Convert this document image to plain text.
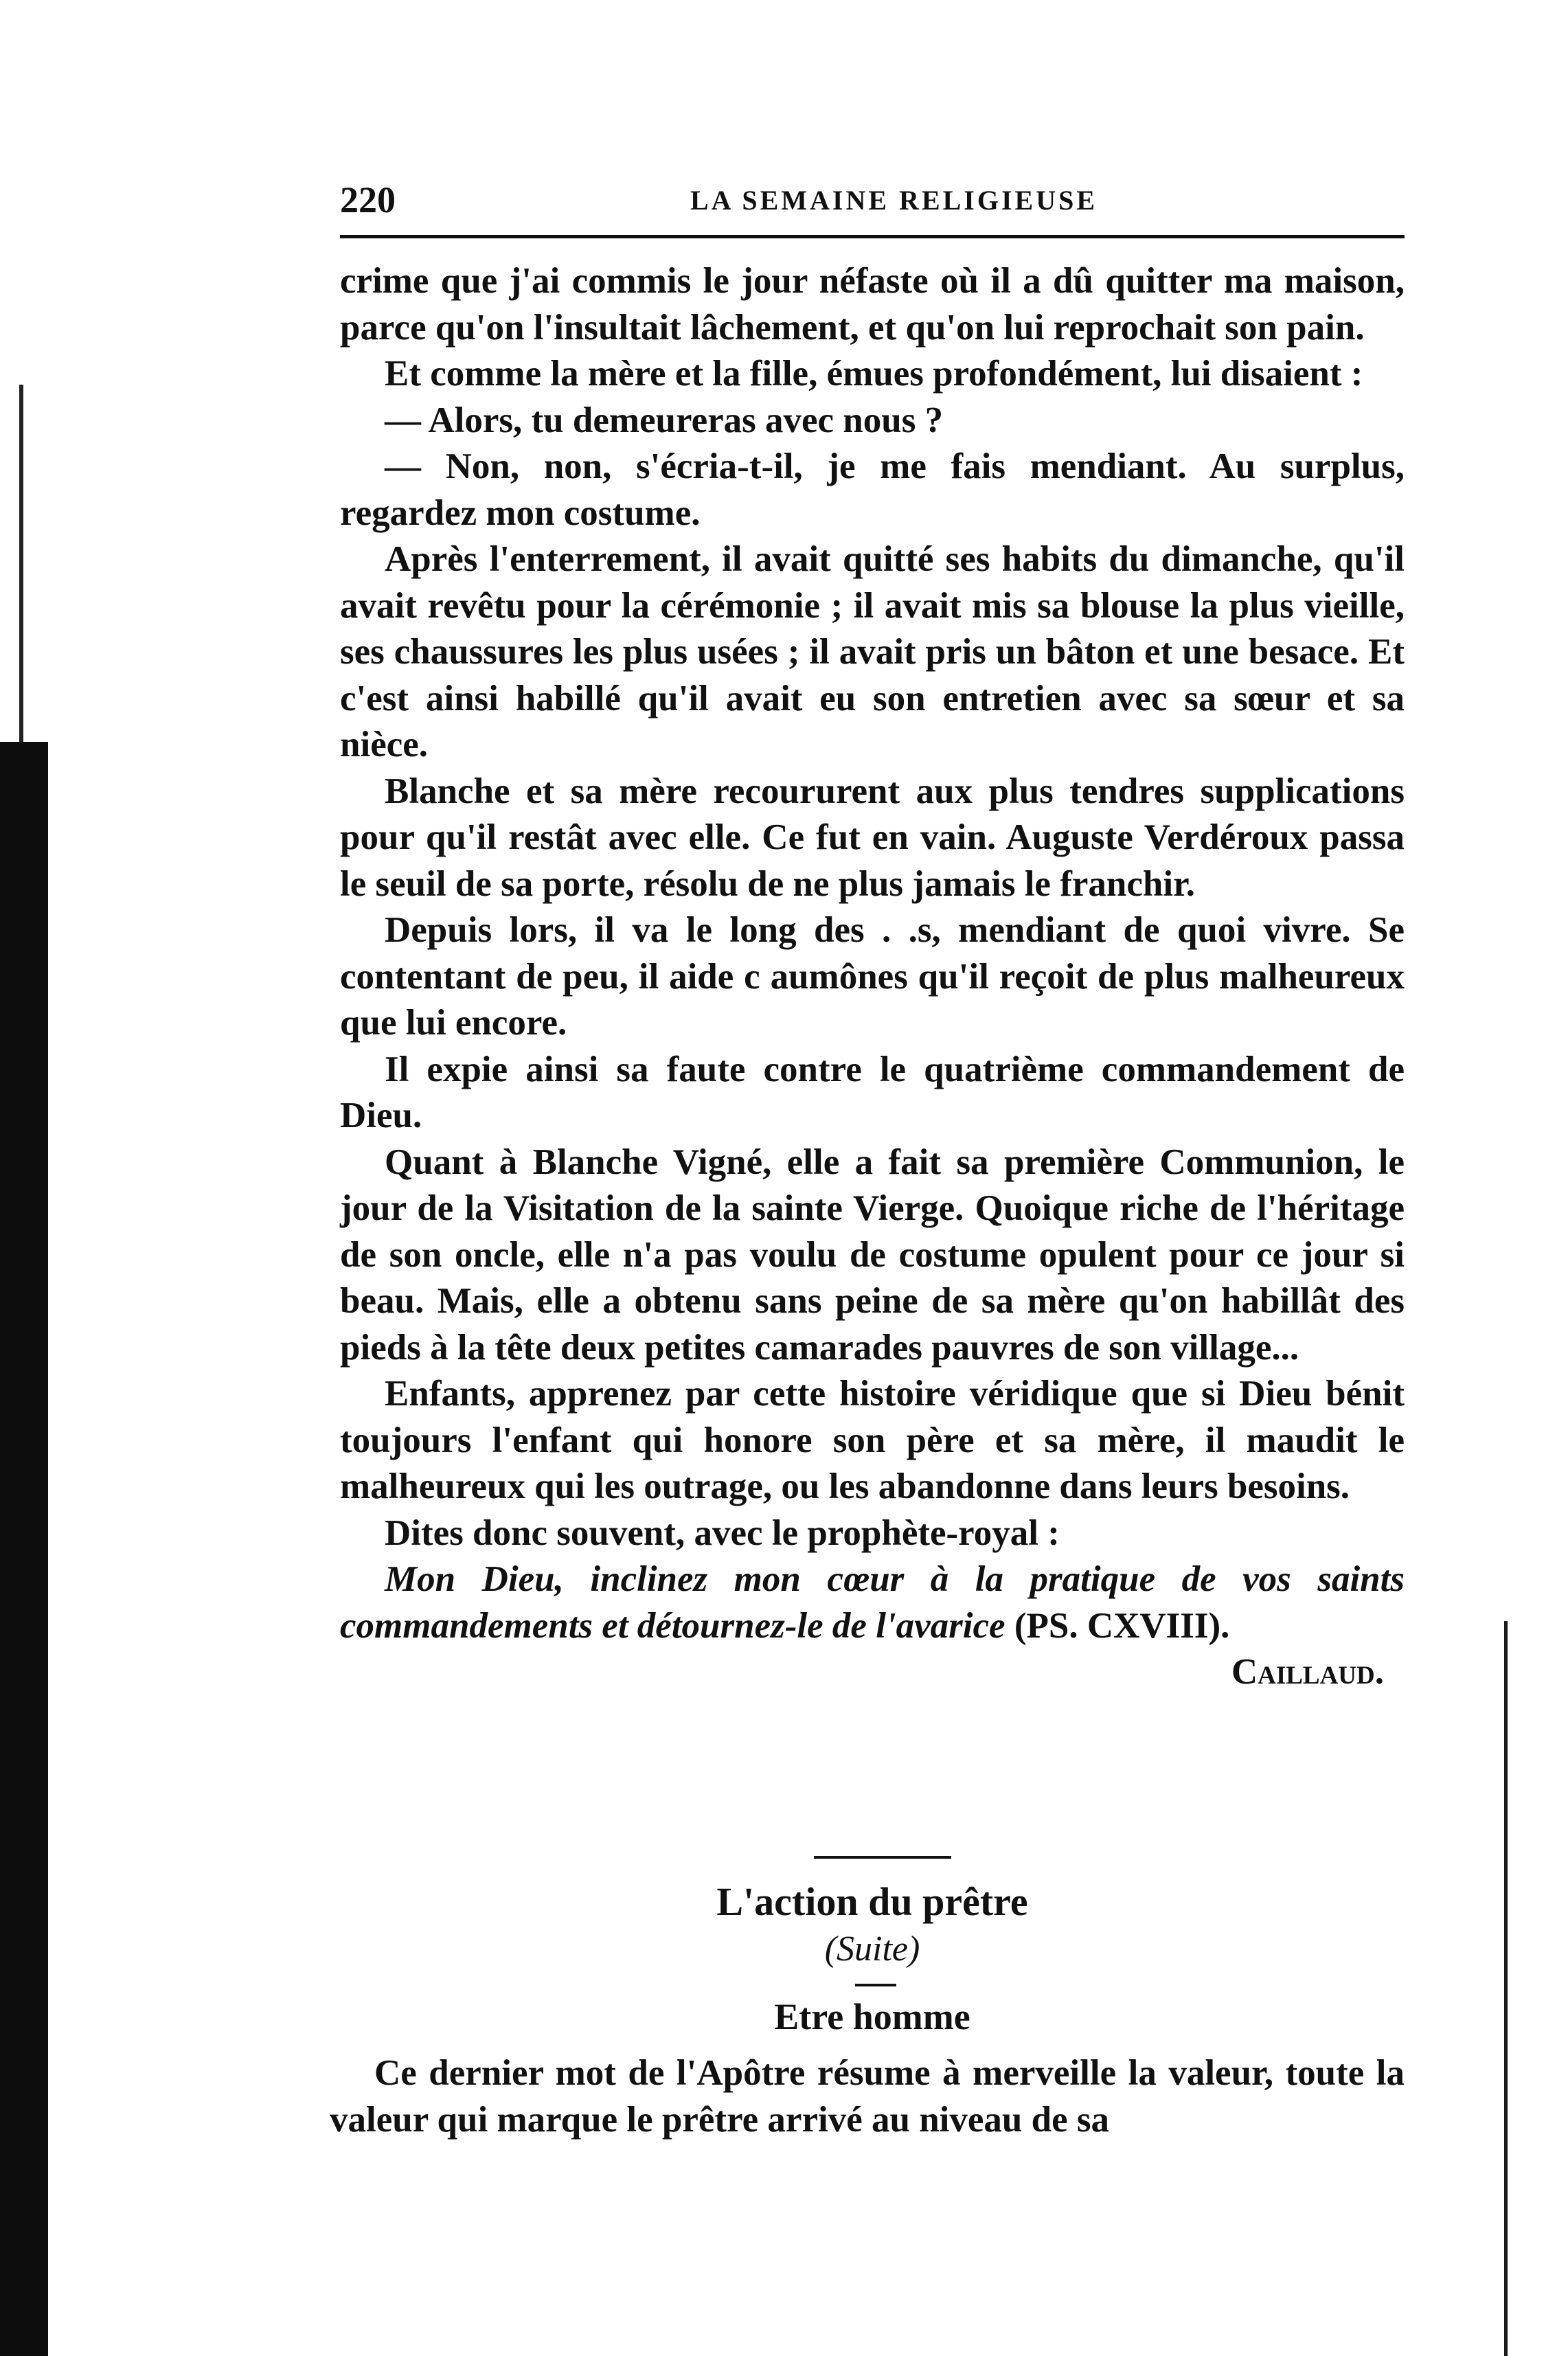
220	LA SEMAINE RELIGIEUSE

crime que j'ai commis le jour néfaste où il a dû quitter ma maison, parce qu'on l'insultait lâchement, et qu'on lui reprochait son pain.

Et comme la mère et la fille, émues profondément, lui disaient :

— Alors, tu demeureras avec nous ?

— Non, non, s'écria-t-il, je me fais mendiant. Au surplus, regardez mon costume.

Après l'enterrement, il avait quitté ses habits du dimanche, qu'il avait revêtu pour la cérémonie ; il avait mis sa blouse la plus vieille, ses chaussures les plus usées ; il avait pris un bâton et une besace. Et c'est ainsi habillé qu'il avait eu son entretien avec sa sœur et sa nièce.

Blanche et sa mère recoururent aux plus tendres supplications pour qu'il restât avec elle. Ce fut en vain. Auguste Verdéroux passa le seuil de sa porte, résolu de ne plus jamais le franchir.

Depuis lors, il va le long des . .s, mendiant de quoi vivre. Se contentant de peu, il aide c aumônes qu'il reçoit de plus malheureux que lui encore.

Il expie ainsi sa faute contre le quatrième commandement de Dieu.

Quant à Blanche Vigné, elle a fait sa première Communion, le jour de la Visitation de la sainte Vierge. Quoique riche de l'héritage de son oncle, elle n'a pas voulu de costume opulent pour ce jour si beau. Mais, elle a obtenu sans peine de sa mère qu'on habillât des pieds à la tête deux petites camarades pauvres de son village...

Enfants, apprenez par cette histoire véridique que si Dieu bénit toujours l'enfant qui honore son père et sa mère, il maudit le malheureux qui les outrage, ou les abandonne dans leurs besoins.

Dites donc souvent, avec le prophète-royal :

Mon Dieu, inclinez mon cœur à la pratique de vos saints commandements et détournez-le de l'avarice (PS. CXVIII).

Caillaud.

L'action du prêtre
(Suite)
Etre homme

Ce dernier mot de l'Apôtre résume à merveille la valeur, toute la valeur qui marque le prêtre arrivé au niveau de sa
